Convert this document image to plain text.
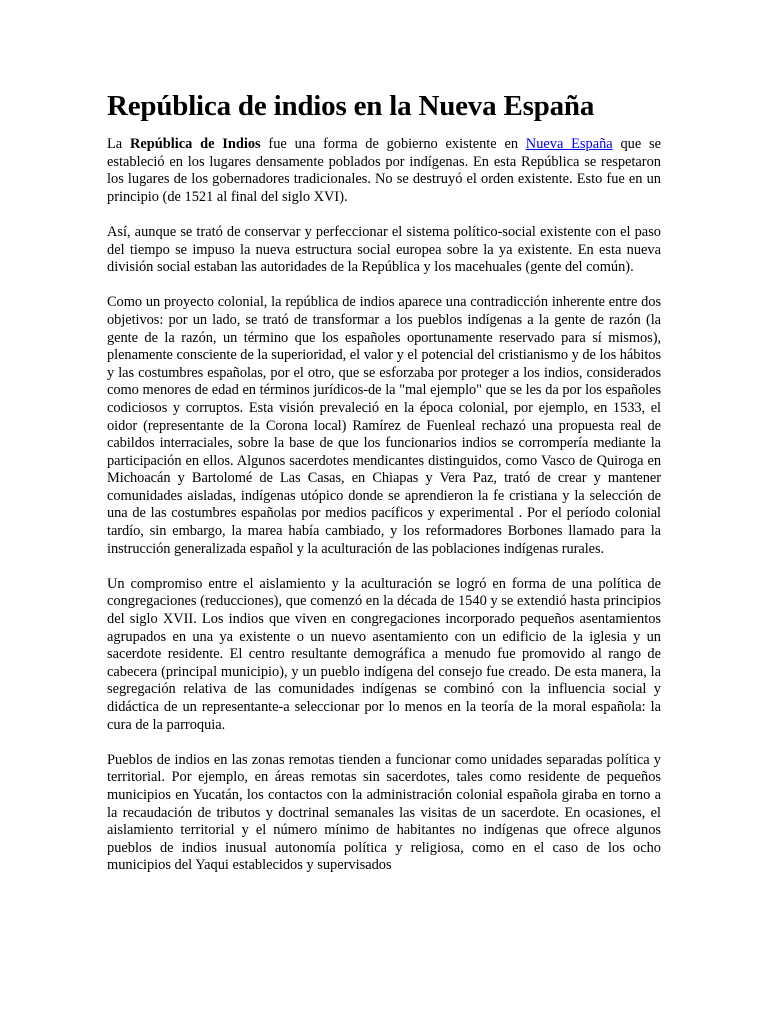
República de indios en la Nueva España

La República de Indios fue una forma de gobierno existente en Nueva España que se estableció en los lugares densamente poblados por indígenas. En esta República se respetaron los lugares de los gobernadores tradicionales. No se destruyó el orden existente. Esto fue en un principio (de 1521 al final del siglo XVI).

Así, aunque se trató de conservar y perfeccionar el sistema político-social existente con el paso del tiempo se impuso la nueva estructura social europea sobre la ya existente. En esta nueva división social estaban las autoridades de la República y los macehuales (gente del común).

Como un proyecto colonial, la república de indios aparece una contradicción inherente entre dos objetivos: por un lado, se trató de transformar a los pueblos indígenas a la gente de razón (la gente de la razón, un término que los españoles oportunamente reservado para sí mismos), plenamente consciente de la superioridad, el valor y el potencial del cristianismo y de los hábitos y las costumbres españolas, por el otro, que se esforzaba por proteger a los indios, considerados como menores de edad en términos jurídicos-de la "mal ejemplo" que se les da por los españoles codiciosos y corruptos. Esta visión prevaleció en la época colonial, por ejemplo, en 1533, el oidor (representante de la Corona local) Ramírez de Fuenleal rechazó una propuesta real de cabildos interraciales, sobre la base de que los funcionarios indios se corrompería mediante la participación en ellos. Algunos sacerdotes mendicantes distinguidos, como Vasco de Quiroga en Michoacán y Bartolomé de Las Casas, en Chiapas y Vera Paz, trató de crear y mantener comunidades aisladas, indígenas utópico donde se aprendieron la fe cristiana y la selección de una de las costumbres españolas por medios pacíficos y experimental . Por el período colonial tardío, sin embargo, la marea había cambiado, y los reformadores Borbones llamado para la instrucción generalizada español y la aculturación de las poblaciones indígenas rurales.

Un compromiso entre el aislamiento y la aculturación se logró en forma de una política de congregaciones (reducciones), que comenzó en la década de 1540 y se extendió hasta principios del siglo XVII. Los indios que viven en congregaciones incorporado pequeños asentamientos agrupados en una ya existente o un nuevo asentamiento con un edificio de la iglesia y un sacerdote residente. El centro resultante demográfica a menudo fue promovido al rango de cabecera (principal municipio), y un pueblo indígena del consejo fue creado. De esta manera, la segregación relativa de las comunidades indígenas se combinó con la influencia social y didáctica de un representante-a seleccionar por lo menos en la teoría de la moral española: la cura de la parroquia.

Pueblos de indios en las zonas remotas tienden a funcionar como unidades separadas política y territorial. Por ejemplo, en áreas remotas sin sacerdotes, tales como residente de pequeños municipios en Yucatán, los contactos con la administración colonial española giraba en torno a la recaudación de tributos y doctrinal semanales las visitas de un sacerdote. En ocasiones, el aislamiento territorial y el número mínimo de habitantes no indígenas que ofrece algunos pueblos de indios inusual autonomía política y religiosa, como en el caso de los ocho municipios del Yaqui establecidos y supervisados
